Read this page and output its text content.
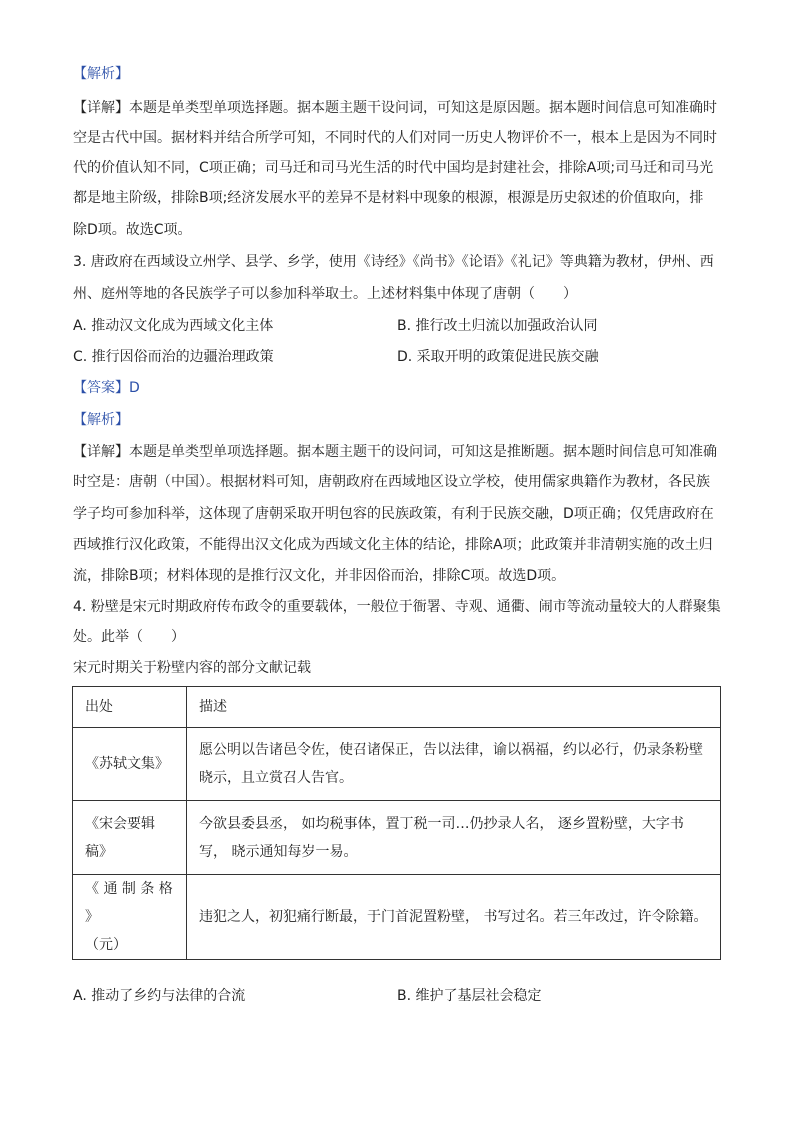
【解析】
【详解】本题是单类型单项选择题。据本题主题干设问词，可知这是原因题。据本题时间信息可知准确时
空是古代中国。据材料并结合所学可知，不同时代的人们对同一历史人物评价不一，根本上是因为不同时
代的价值认知不同，C项正确；司马迁和司马光生活的时代中国均是封建社会，排除A项;司马迁和司马光
都是地主阶级，排除B项;经济发展水平的差异不是材料中现象的根源，根源是历史叙述的价值取向，排
除D项。故选C项。
3. 唐政府在西域设立州学、县学、乡学，使用《诗经》《尚书》《论语》《礼记》等典籍为教材，伊州、西
州、庭州等地的各民族学子可以参加科举取士。上述材料集中体现了唐朝（　　）
A. 推动汉文化成为西域文化主体	B. 推行改土归流以加强政治认同
C. 推行因俗而治的边疆治理政策	D. 采取开明的政策促进民族交融
【答案】D
【解析】
【详解】本题是单类型单项选择题。据本题主题干的设问词，可知这是推断题。据本题时间信息可知准确
时空是：唐朝（中国）。根据材料可知，唐朝政府在西域地区设立学校，使用儒家典籍作为教材，各民族
学子均可参加科举，这体现了唐朝采取开明包容的民族政策，有利于民族交融，D项正确；仅凭唐政府在
西域推行汉化政策，不能得出汉文化成为西域文化主体的结论，排除A项；此政策并非清朝实施的改土归
流，排除B项；材料体现的是推行汉文化，并非因俗而治，排除C项。故选D项。
4. 粉壁是宋元时期政府传布政令的重要载体，一般位于衙署、寺观、通衢、闹市等流动量较大的人群聚集
处。此举（　　）
宋元时期关于粉壁内容的部分文献记载
出处	描述
《苏轼文集》	愿公明以告诸邑令佐，使召诸保正，告以法律，谕以祸福，约以必行，仍录条粉壁
晓示，且立赏召人告官。

《宋会要辑稿》	今欲县委县丞， 如均税事体，置丁税一司…仍抄录人名， 逐乡置粉壁，大字书
写， 晓示通知每岁一易。

《 通 制 条 格 》
（元）	违犯之人，初犯痛行断最，于门首泥置粉壁， 书写过名。若三年改过，许令除籍。
A. 推动了乡约与法律的合流	B. 维护了基层社会稳定
